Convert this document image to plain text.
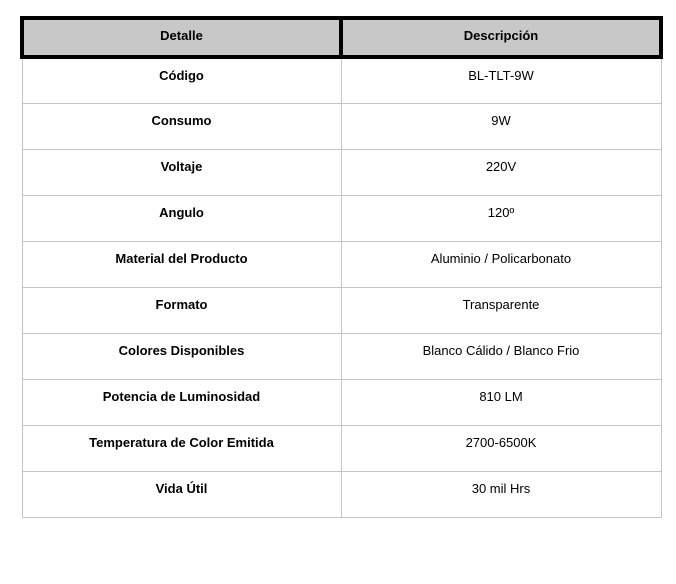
Detalle	Descripción
Código	BL-TLT-9W
Consumo	9W
Voltaje	220V
Angulo	120º
Material del Producto	Aluminio / Policarbonato
Formato	Transparente
Colores Disponibles	Blanco Cálido / Blanco Frio
Potencia de Luminosidad	810 LM
Temperatura de Color Emitida	2700-6500K
Vida Útil	30 mil Hrs
